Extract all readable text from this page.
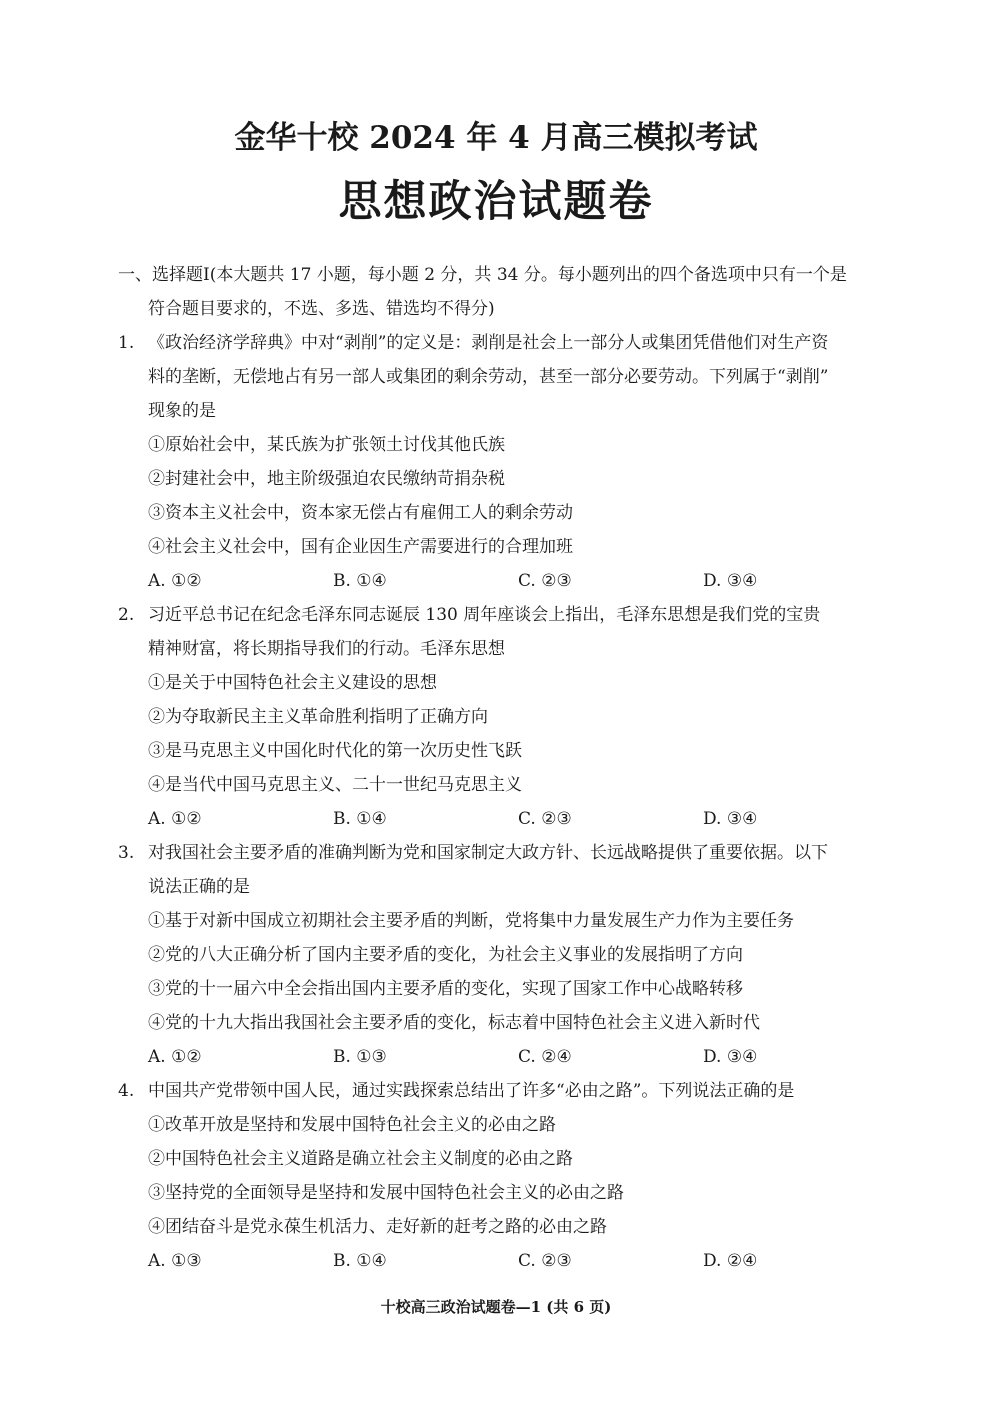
金华十校 2024 年 4 月高三模拟考试
思想政治试题卷
一、选择题Ⅰ(本大题共 17 小题，每小题 2 分，共 34 分。每小题列出的四个备选项中只有一个是
符合题目要求的，不选、多选、错选均不得分)
1. 《政治经济学辞典》中对“剥削”的定义是：剥削是社会上一部分人或集团凭借他们对生产资
料的垄断，无偿地占有另一部人或集团的剩余劳动，甚至一部分必要劳动。下列属于“剥削”
现象的是
①原始社会中，某氏族为扩张领土讨伐其他氏族
②封建社会中，地主阶级强迫农民缴纳苛捐杂税
③资本主义社会中，资本家无偿占有雇佣工人的剩余劳动
④社会主义社会中，国有企业因生产需要进行的合理加班
A. ①②	B. ①④	C. ②③	D. ③④
2. 习近平总书记在纪念毛泽东同志诞辰 130 周年座谈会上指出，毛泽东思想是我们党的宝贵
精神财富，将长期指导我们的行动。毛泽东思想
①是关于中国特色社会主义建设的思想
②为夺取新民主主义革命胜利指明了正确方向
③是马克思主义中国化时代化的第一次历史性飞跃
④是当代中国马克思主义、二十一世纪马克思主义
A. ①②	B. ①④	C. ②③	D. ③④
3. 对我国社会主要矛盾的准确判断为党和国家制定大政方针、长远战略提供了重要依据。以下
说法正确的是
①基于对新中国成立初期社会主要矛盾的判断，党将集中力量发展生产力作为主要任务
②党的八大正确分析了国内主要矛盾的变化，为社会主义事业的发展指明了方向
③党的十一届六中全会指出国内主要矛盾的变化，实现了国家工作中心战略转移
④党的十九大指出我国社会主要矛盾的变化，标志着中国特色社会主义进入新时代
A. ①②	B. ①③	C. ②④	D. ③④
4. 中国共产党带领中国人民，通过实践探索总结出了许多“必由之路”。下列说法正确的是
①改革开放是坚持和发展中国特色社会主义的必由之路
②中国特色社会主义道路是确立社会主义制度的必由之路
③坚持党的全面领导是坚持和发展中国特色社会主义的必由之路
④团结奋斗是党永葆生机活力、走好新的赶考之路的必由之路
A. ①③	B. ①④	C. ②③	D. ②④
十校高三政治试题卷—1 (共 6 页)
